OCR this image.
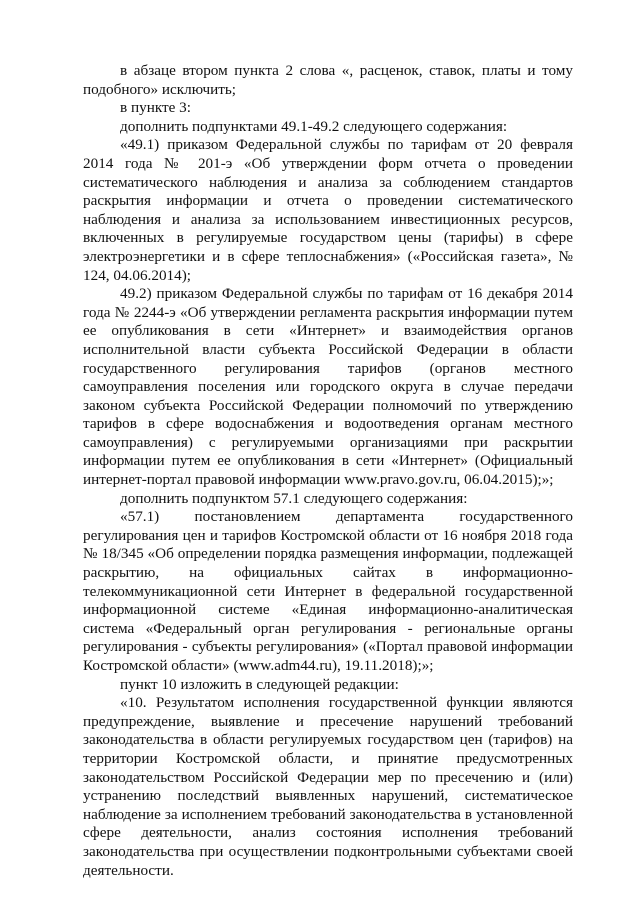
в абзаце втором пункта 2 слова «, расценок, ставок, платы и тому подобного» исключить;

в пункте 3:

дополнить подпунктами 49.1-49.2 следующего содержания:

«49.1) приказом Федеральной службы по тарифам от 20 февраля 2014 года № 201-э «Об утверждении форм отчета о проведении систематического наблюдения и анализа за соблюдением стандартов раскрытия информации и отчета о проведении систематического наблюдения и анализа за использованием инвестиционных ресурсов, включенных в регулируемые государством цены (тарифы) в сфере электроэнергетики и в сфере теплоснабжения» («Российская газета», № 124, 04.06.2014);

49.2) приказом Федеральной службы по тарифам от 16 декабря 2014 года № 2244-э «Об утверждении регламента раскрытия информации путем ее опубликования в сети «Интернет» и взаимодействия органов исполнительной власти субъекта Российской Федерации в области государственного регулирования тарифов (органов местного самоуправления поселения или городского округа в случае передачи законом субъекта Российской Федерации полномочий по утверждению тарифов в сфере водоснабжения и водоотведения органам местного самоуправления) с регулируемыми организациями при раскрытии информации путем ее опубликования в сети «Интернет» (Официальный интернет-портал правовой информации www.pravo.gov.ru, 06.04.2015);»;

дополнить подпунктом 57.1 следующего содержания:

«57.1) постановлением департамента государственного регулирования цен и тарифов Костромской области от 16 ноября 2018 года № 18/345 «Об определении порядка размещения информации, подлежащей раскрытию, на официальных сайтах в информационно-телекоммуникационной сети Интернет в федеральной государственной информационной системе «Единая информационно-аналитическая система «Федеральный орган регулирования - региональные органы регулирования - субъекты регулирования» («Портал правовой информации Костромской области» (www.adm44.ru), 19.11.2018);»;

пункт 10 изложить в следующей редакции:

«10. Результатом исполнения государственной функции являются предупреждение, выявление и пресечение нарушений требований законодательства в области регулируемых государством цен (тарифов) на территории Костромской области, и принятие предусмотренных законодательством Российской Федерации мер по пресечению и (или) устранению последствий выявленных нарушений, систематическое наблюдение за исполнением требований законодательства в установленной сфере деятельности, анализ состояния исполнения требований законодательства при осуществлении подконтрольными субъектами своей деятельности.
